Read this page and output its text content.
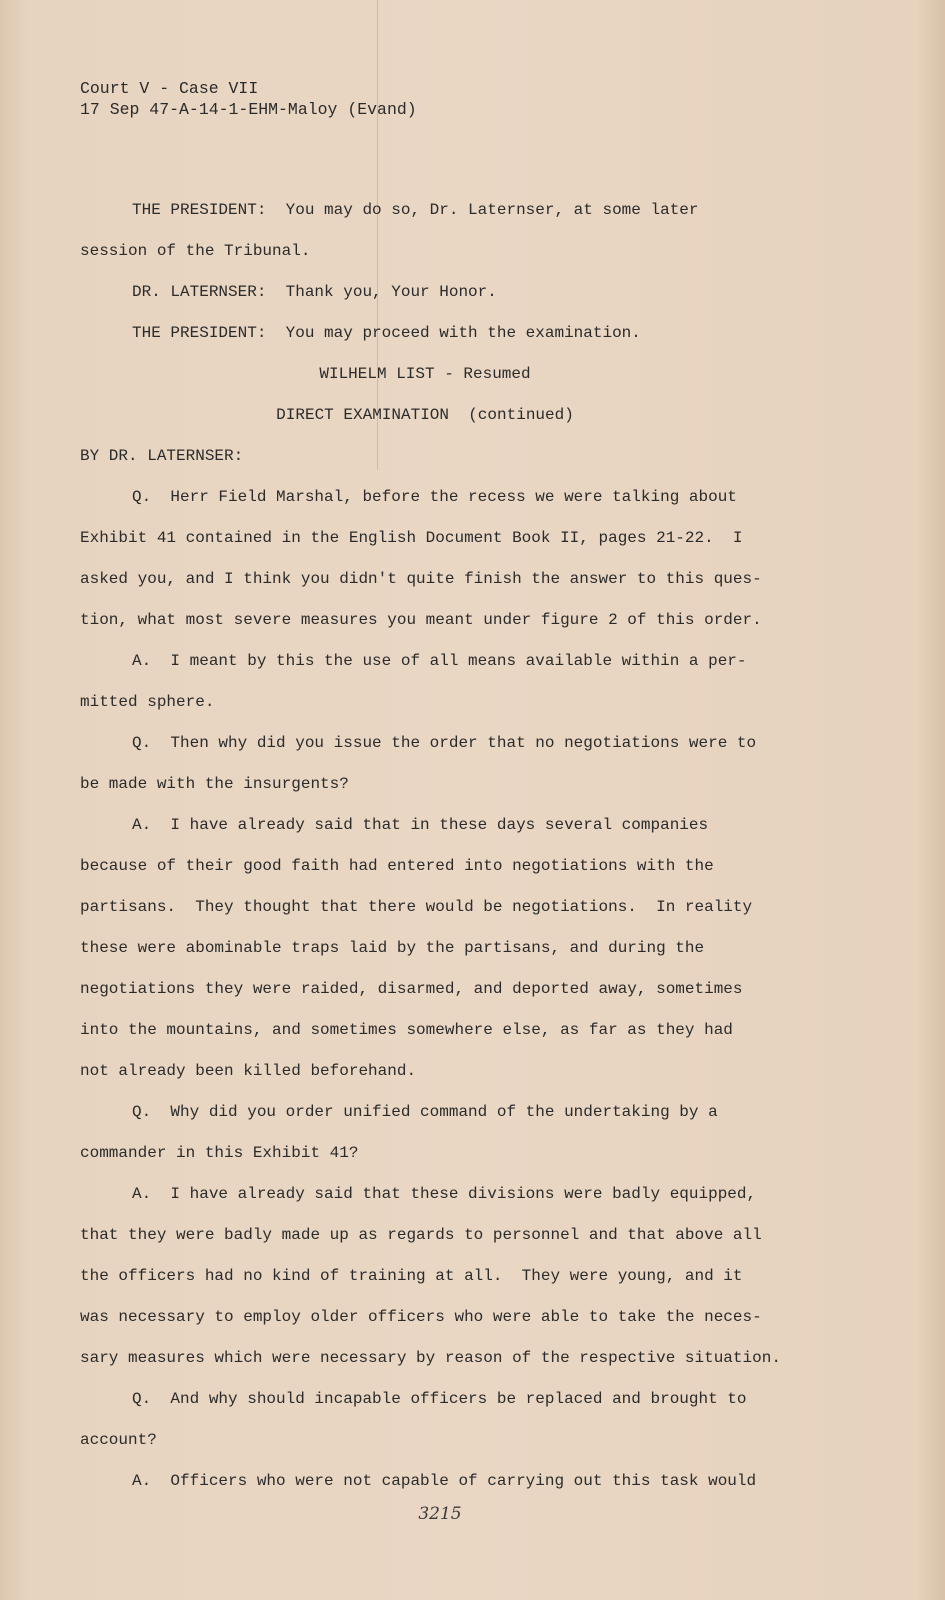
Court V - Case VII
17 Sep 47-A-14-1-EHM-Maloy (Evand)
THE PRESIDENT:  You may do so, Dr. Laternser, at some later
session of the Tribunal.
DR. LATERNSER:  Thank you, Your Honor.
THE PRESIDENT:  You may proceed with the examination.
WILHELM LIST - Resumed
DIRECT EXAMINATION  (continued)
BY DR. LATERNSER:
Q.  Herr Field Marshal, before the recess we were talking about
Exhibit 41 contained in the English Document Book II, pages 21-22.  I
asked you, and I think you didn't quite finish the answer to this ques-
tion, what most severe measures you meant under figure 2 of this order.
A.  I meant by this the use of all means available within a per-
mitted sphere.
Q.  Then why did you issue the order that no negotiations were to
be made with the insurgents?
A.  I have already said that in these days several companies
because of their good faith had entered into negotiations with the
partisans.  They thought that there would be negotiations.  In reality
these were abominable traps laid by the partisans, and during the
negotiations they were raided, disarmed, and deported away, sometimes
into the mountains, and sometimes somewhere else, as far as they had
not already been killed beforehand.
Q.  Why did you order unified command of the undertaking by a
commander in this Exhibit 41?
A.  I have already said that these divisions were badly equipped,
that they were badly made up as regards to personnel and that above all
the officers had no kind of training at all.  They were young, and it
was necessary to employ older officers who were able to take the neces-
sary measures which were necessary by reason of the respective situation.
Q.  And why should incapable officers be replaced and brought to
account?
A.  Officers who were not capable of carrying out this task would
3215
